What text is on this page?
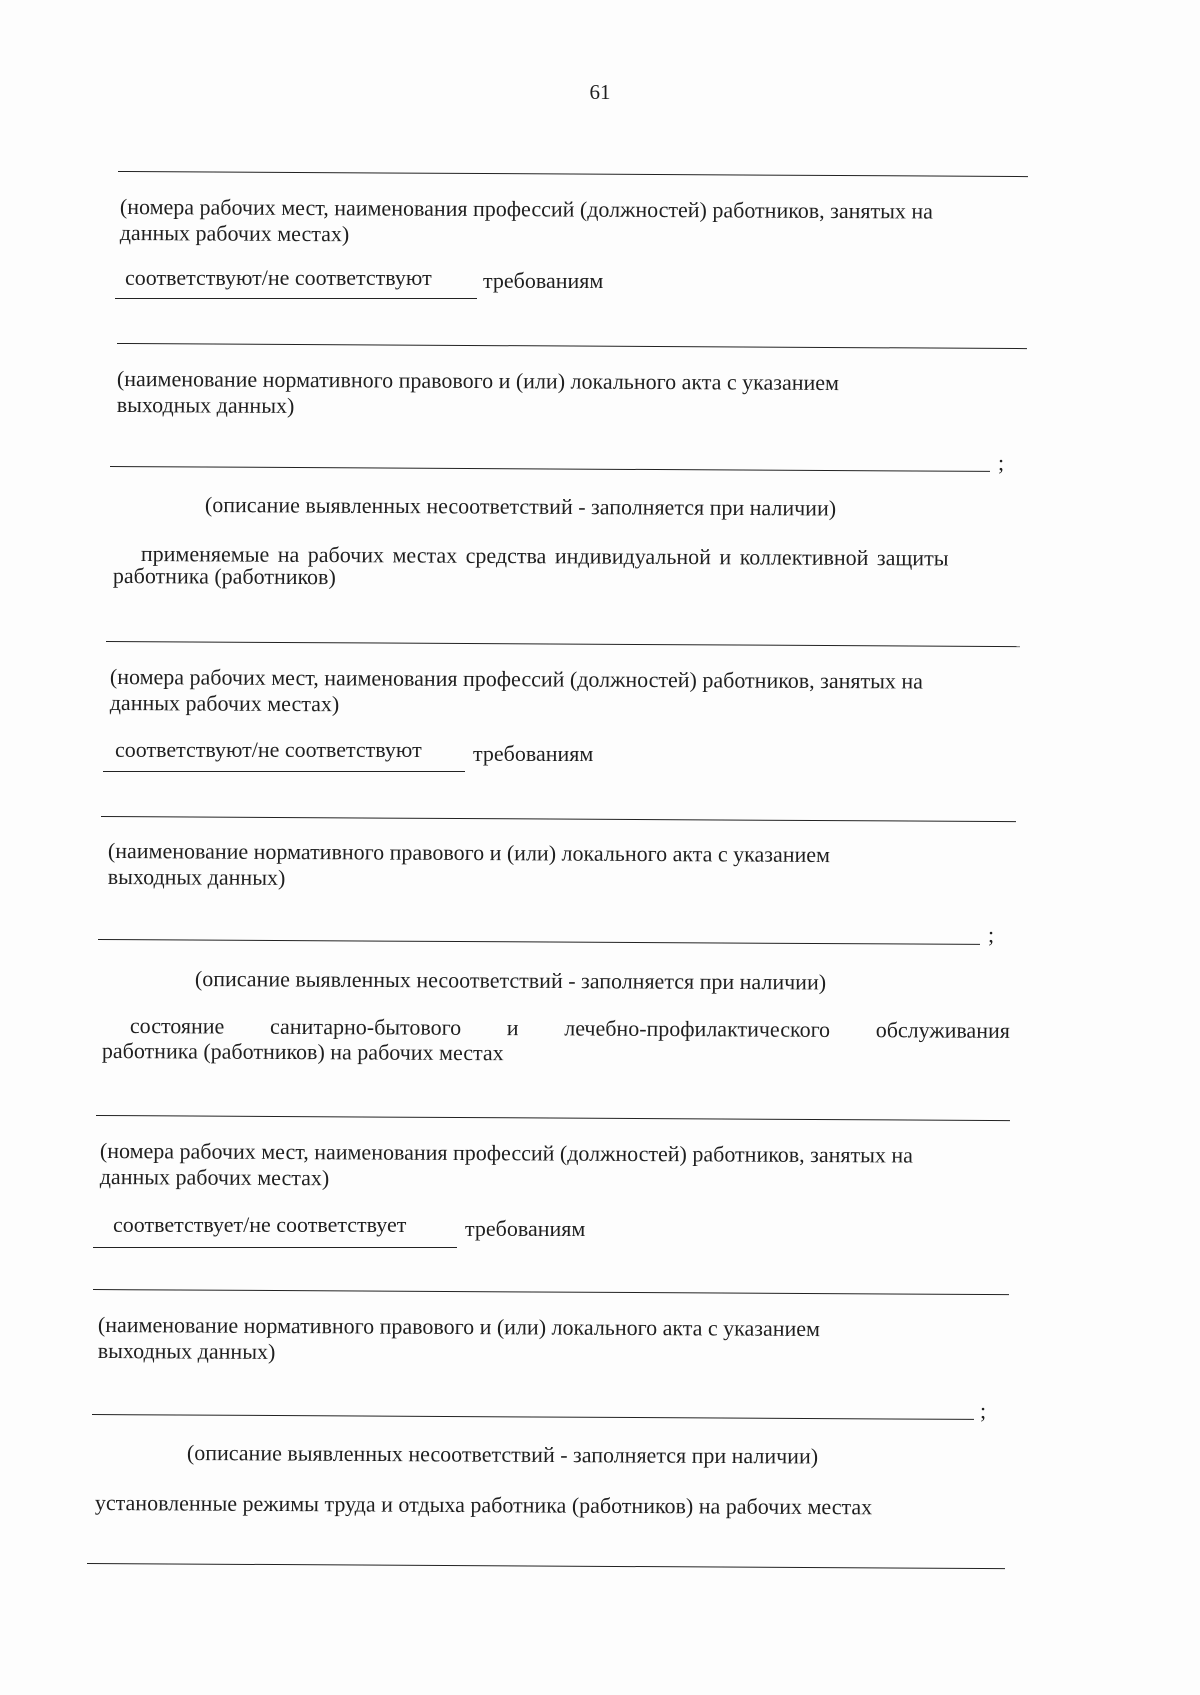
61
(номера рабочих мест, наименования профессий (должностей) работников, занятых на
данных рабочих местах)
соответствуют/не соответствуют требованиям
(наименование нормативного правового и (или) локального акта с указанием
выходных данных)
;
(описание выявленных несоответствий - заполняется при наличии)
применяемые на рабочих местах средства индивидуальной и коллективной защиты
работника (работников)
(номера рабочих мест, наименования профессий (должностей) работников, занятых на
данных рабочих местах)
соответствуют/не соответствуют требованиям
(наименование нормативного правового и (или) локального акта с указанием
выходных данных)
;
(описание выявленных несоответствий - заполняется при наличии)
состояние санитарно-бытового и лечебно-профилактического обслуживания
работника (работников) на рабочих местах
(номера рабочих мест, наименования профессий (должностей) работников, занятых на
данных рабочих местах)
соответствует/не соответствует	требованиям
(наименование нормативного правового и (или) локального акта с указанием
выходных данных)
;
(описание выявленных несоответствий - заполняется при наличии)
установленные режимы труда и отдыха работника (работников) на рабочих местах
